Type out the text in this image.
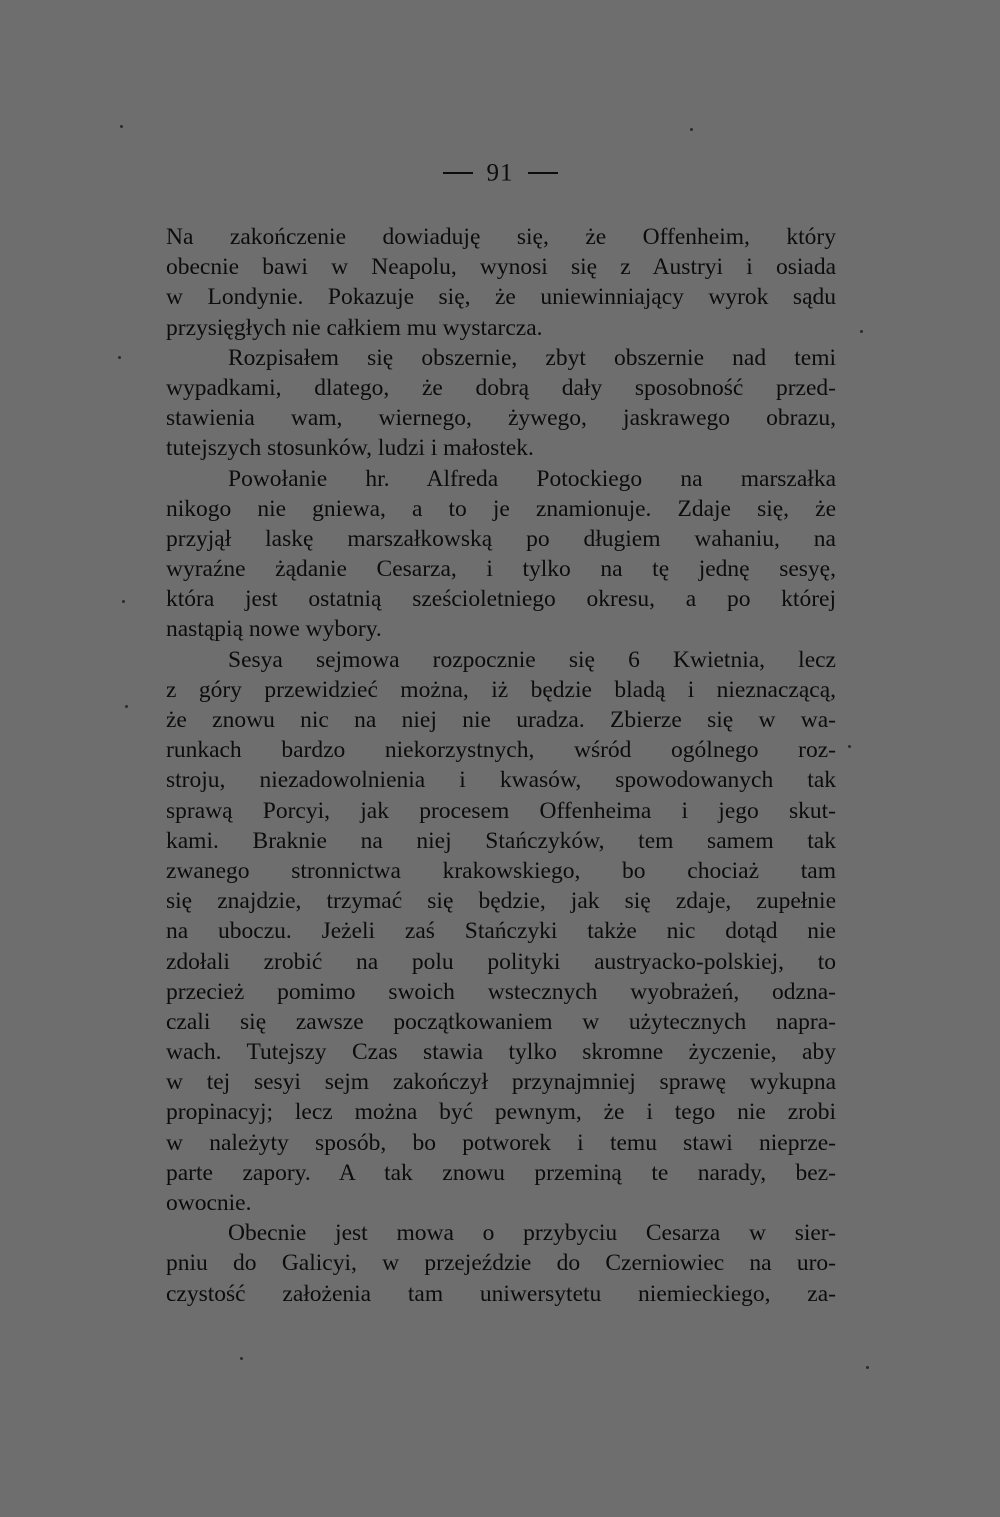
91
Na zakończenie dowiaduję się, że Offenheim, który
obecnie bawi w Neapolu, wynosi się z Austryi i osiada
w Londynie. Pokazuje się, że uniewinniający wyrok sądu
przysięgłych nie całkiem mu wystarcza.
Rozpisałem się obszernie, zbyt obszernie nad temi
wypadkami, dlatego, że dobrą dały sposobność przed-
stawienia wam, wiernego, żywego, jaskrawego obrazu,
tutejszych stosunków, ludzi i małostek.
Powołanie hr. Alfreda Potockiego na marszałka
nikogo nie gniewa, a to je znamionuje. Zdaje się, że
przyjął laskę marszałkowską po długiem wahaniu, na
wyraźne żądanie Cesarza, i tylko na tę jednę sesyę,
która jest ostatnią sześcioletniego okresu, a po której
nastąpią nowe wybory.
Sesya sejmowa rozpocznie się 6 Kwietnia, lecz
z góry przewidzieć można, iż będzie bladą i nieznaczącą,
że znowu nic na niej nie uradza. Zbierze się w wa-
runkach bardzo niekorzystnych, wśród ogólnego roz-
stroju, niezadowolnienia i kwasów, spowodowanych tak
sprawą Porcyi, jak procesem Offenheima i jego skut-
kami. Braknie na niej Stańczyków, tem samem tak
zwanego stronnictwa krakowskiego, bo chociaż tam
się znajdzie, trzymać się będzie, jak się zdaje, zupełnie
na uboczu. Jeżeli zaś Stańczyki także nic dotąd nie
zdołali zrobić na polu polityki austryacko-polskiej, to
przecież pomimo swoich wstecznych wyobrażeń, odzna-
czali się zawsze początkowaniem w użytecznych napra-
wach. Tutejszy Czas stawia tylko skromne życzenie, aby
w tej sesyi sejm zakończył przynajmniej sprawę wykupna
propinacyj; lecz można być pewnym, że i tego nie zrobi
w należyty sposób, bo potworek i temu stawi nieprze-
parte zapory. A tak znowu przeminą te narady, bez-
owocnie.
Obecnie jest mowa o przybyciu Cesarza w sier-
pniu do Galicyi, w przejeździe do Czerniowiec na uro-
czystość założenia tam uniwersytetu niemieckiego, za-
